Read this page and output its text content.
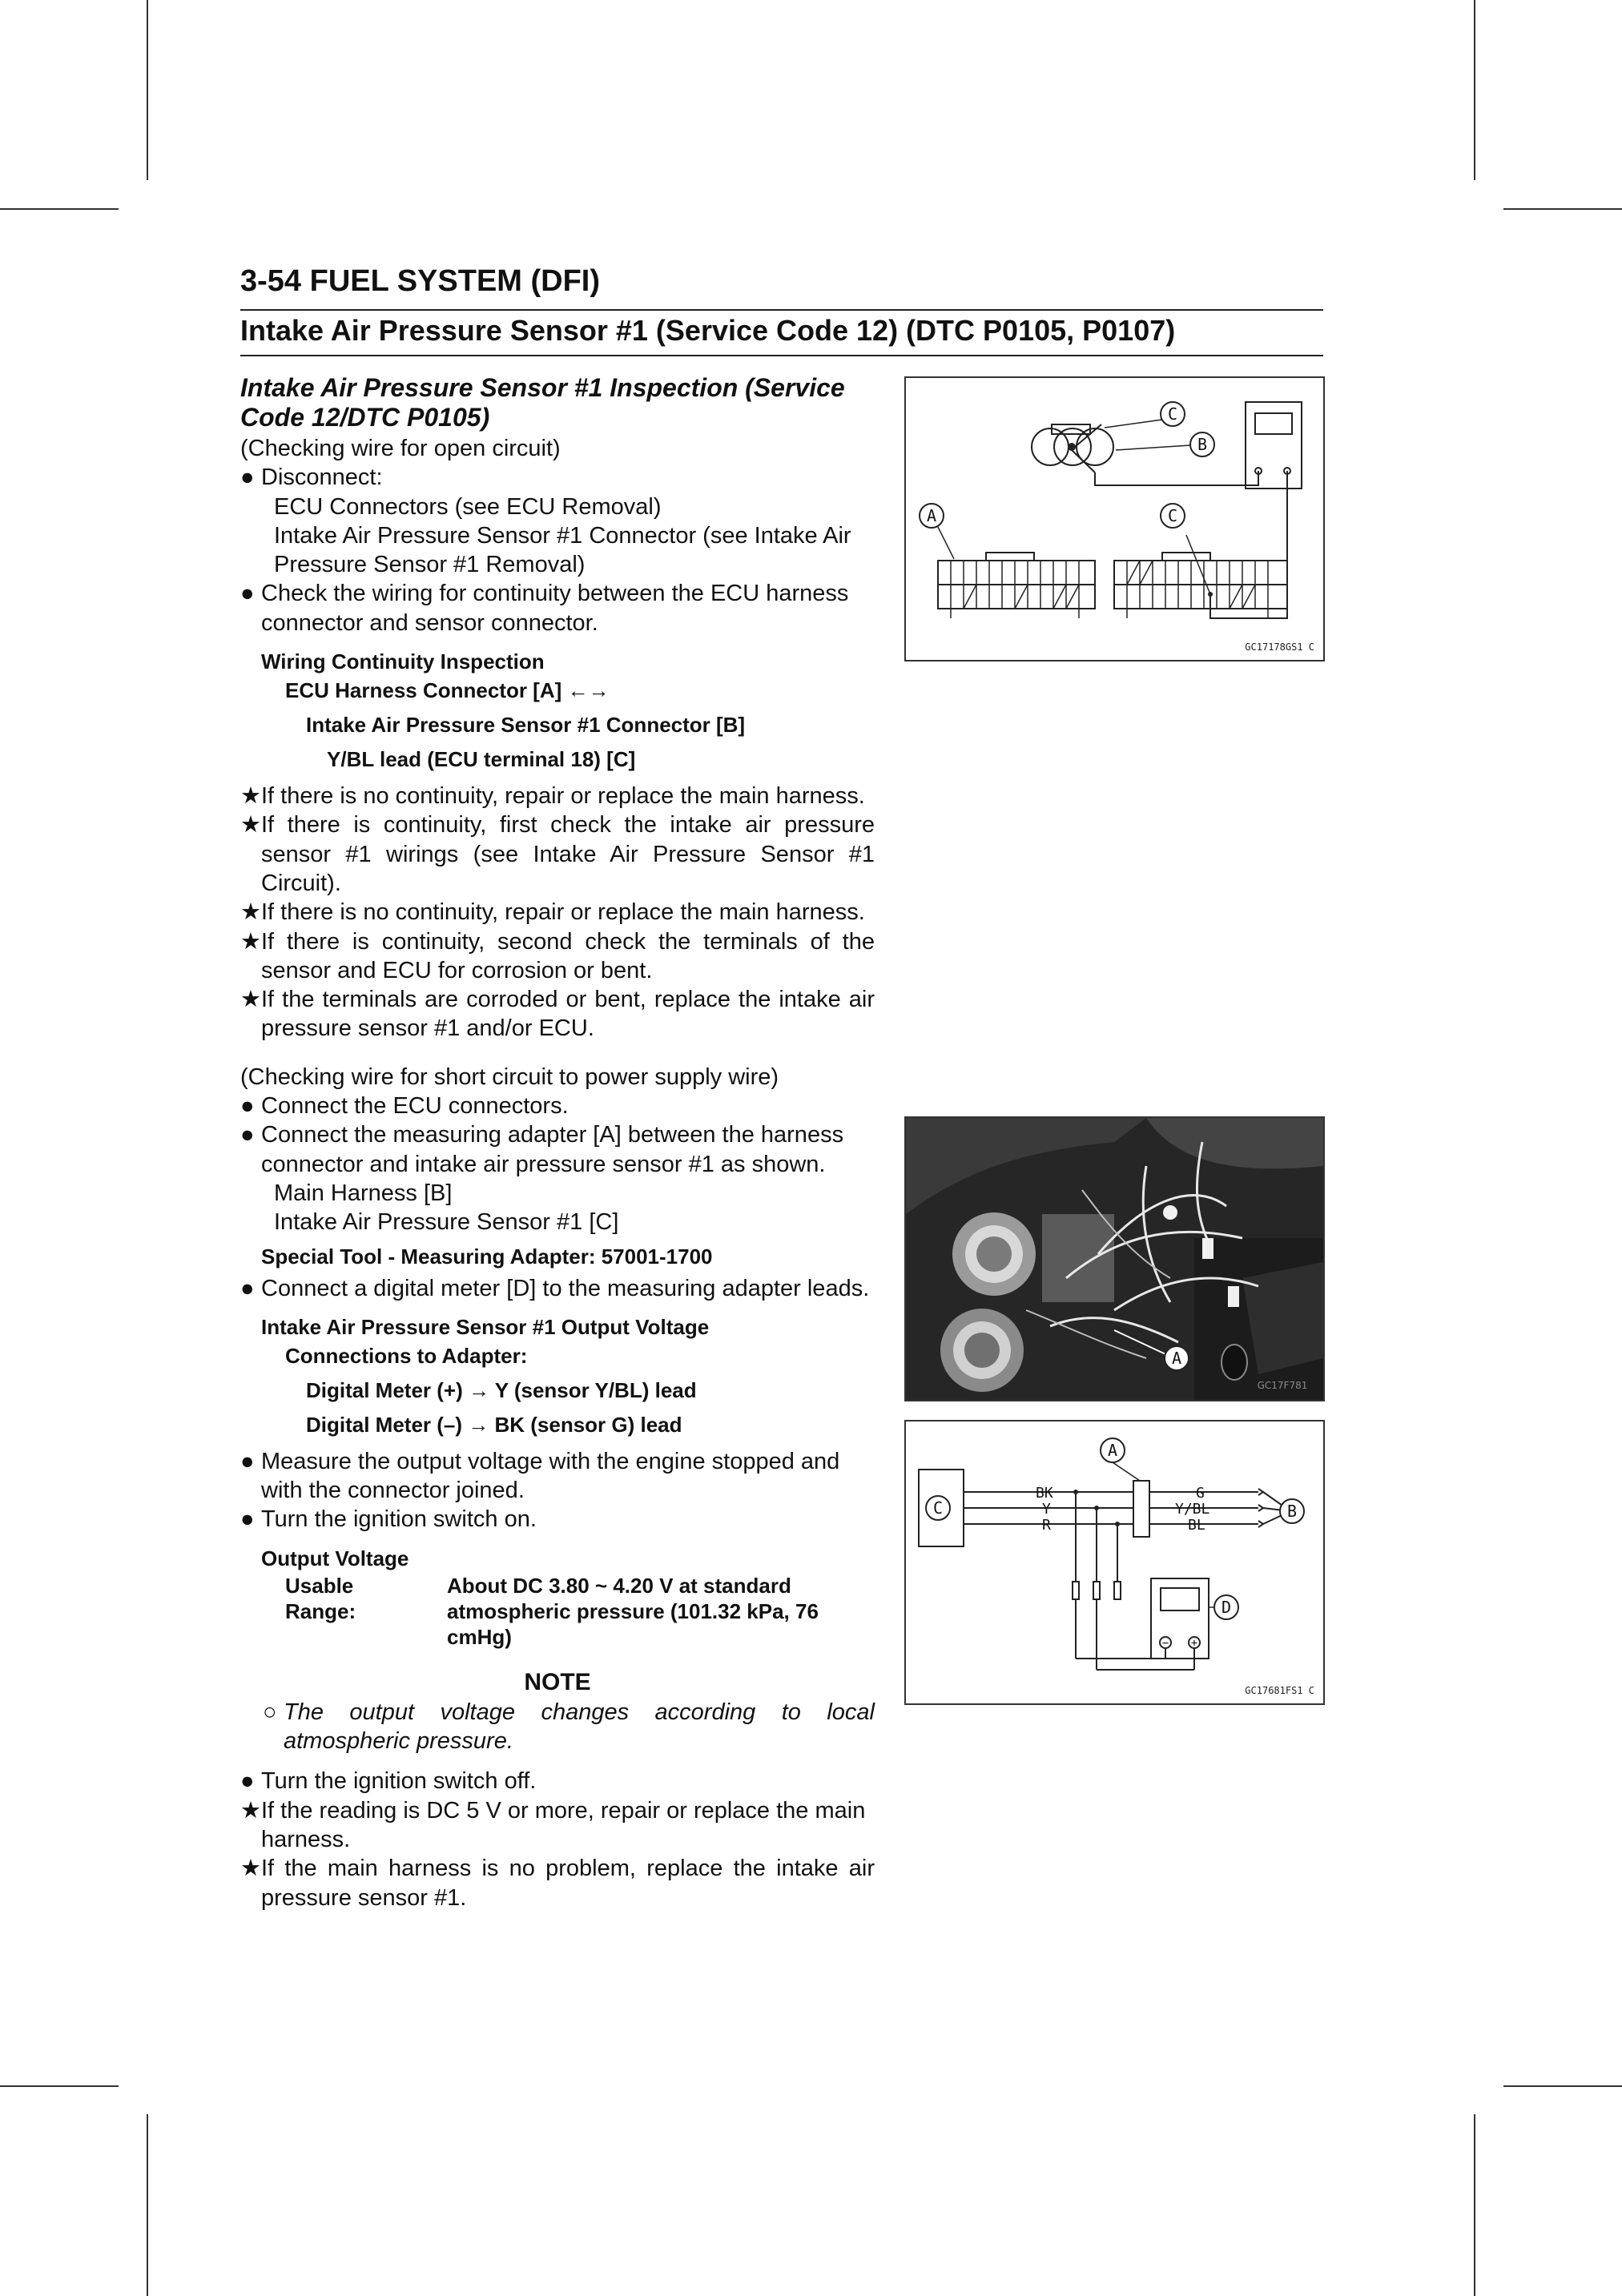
3-54 FUEL SYSTEM (DFI)
Intake Air Pressure Sensor #1 (Service Code 12) (DTC P0105, P0107)
Intake Air Pressure Sensor #1 Inspection (Service Code 12/DTC P0105)
(Checking wire for open circuit)
● Disconnect:
ECU Connectors (see ECU Removal)
Intake Air Pressure Sensor #1 Connector (see Intake Air Pressure Sensor #1 Removal)
● Check the wiring for continuity between the ECU harness connector and sensor connector.
Wiring Continuity Inspection
ECU Harness Connector [A] ←→
Intake Air Pressure Sensor #1 Connector [B]
Y/BL lead (ECU terminal 18) [C]
★ If there is no continuity, repair or replace the main harness.
★ If there is continuity, first check the intake air pressure sensor #1 wirings (see Intake Air Pressure Sensor #1 Circuit).
★ If there is no continuity, repair or replace the main harness.
★ If there is continuity, second check the terminals of the sensor and ECU for corrosion or bent.
★ If the terminals are corroded or bent, replace the intake air pressure sensor #1 and/or ECU.
(Checking wire for short circuit to power supply wire)
● Connect the ECU connectors.
● Connect the measuring adapter [A] between the harness connector and intake air pressure sensor #1 as shown.
Main Harness [B]
Intake Air Pressure Sensor #1 [C]
Special Tool - Measuring Adapter: 57001-1700
● Connect a digital meter [D] to the measuring adapter leads.
Intake Air Pressure Sensor #1 Output Voltage
Connections to Adapter:
Digital Meter (+) → Y (sensor Y/BL) lead
Digital Meter (–) → BK (sensor G) lead
● Measure the output voltage with the engine stopped and with the connector joined.
● Turn the ignition switch on.
Output Voltage
Usable
Range:
About DC 3.80 ~ 4.20 V at standard atmospheric pressure (101.32 kPa, 76 cmHg)
NOTE
○ The output voltage changes according to local atmospheric pressure.
● Turn the ignition switch off.
★ If the reading is DC 5 V or more, repair or replace the main harness.
★ If the main harness is no problem, replace the intake air pressure sensor #1.
C
B
A	C
GC17178GS1 C
A
GC17F781
− +
BK
Y
R
G
Y/BL
BL
A
C	B
D
GC17681FS1 C
